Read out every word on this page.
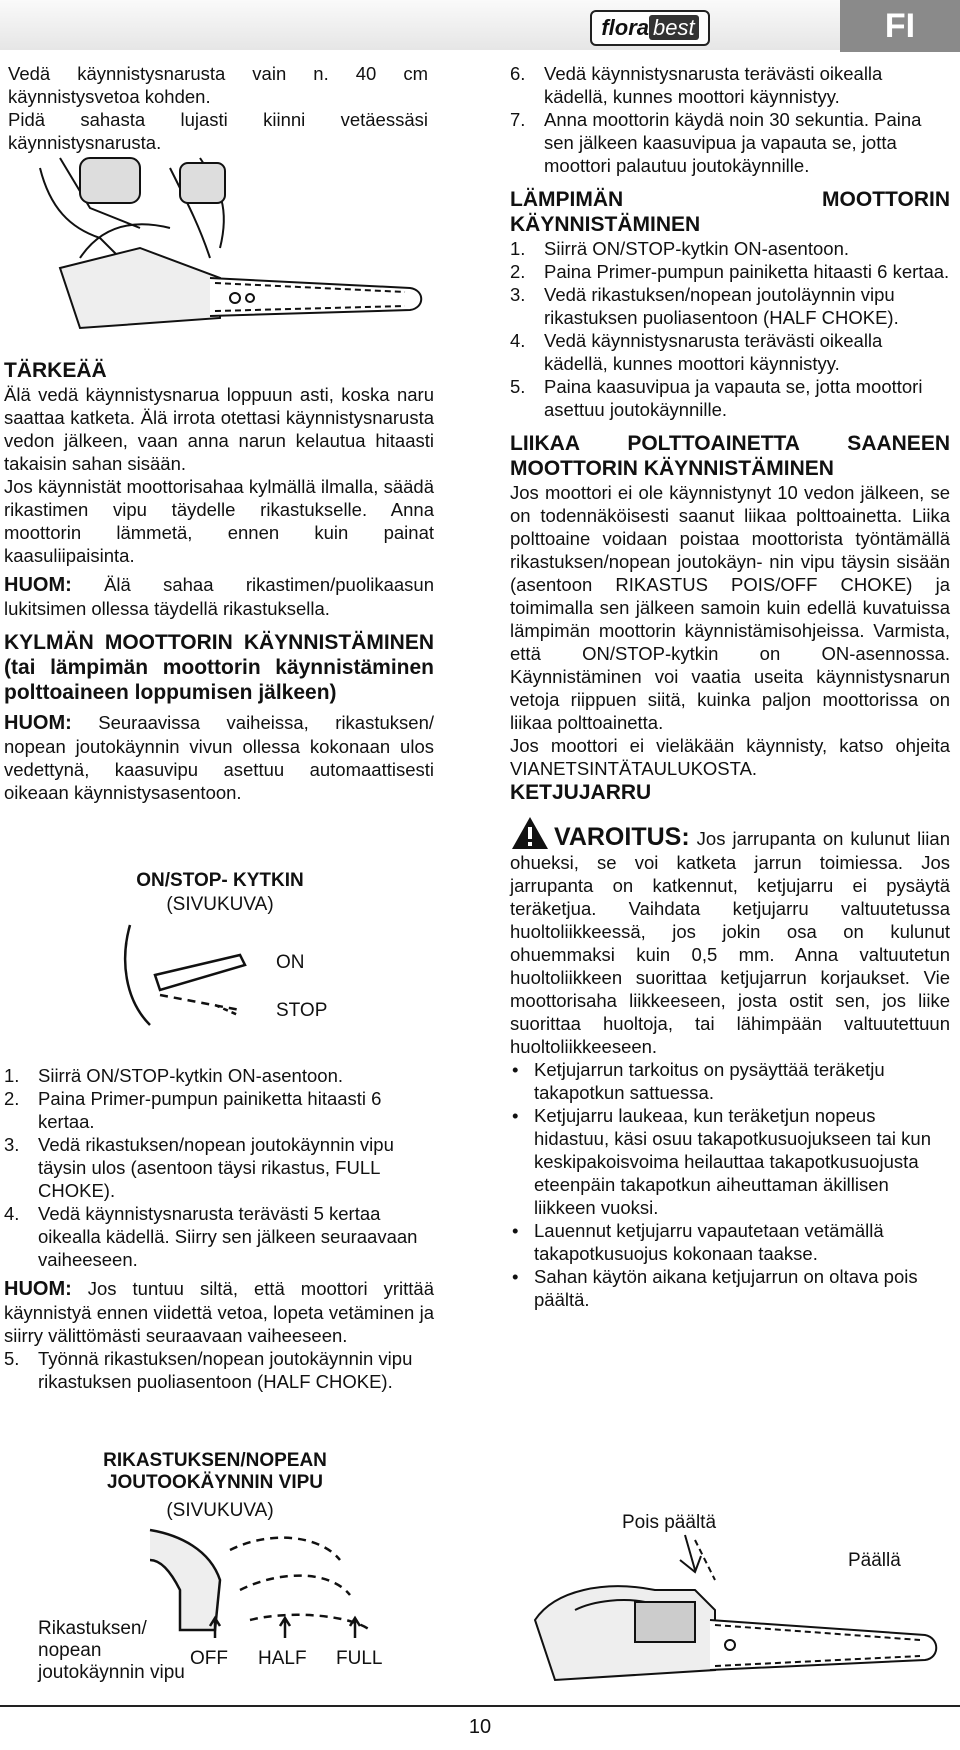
flora best	FI

Vedä käynnistysnarusta vain n. 40 cm käynnistysvetoa kohden.

Pidä sahasta lujasti kiinni vetäessäsi käynnistysnarusta.

TÄRKEÄÄ

Älä vedä käynnistysnarua loppuun asti, koska naru saattaa katketa. Älä irrota otettasi käynnistysnarusta vedon jälkeen, vaan anna narun kelautua hitaasti takaisin sahan sisään.

Jos käynnistät moottorisahaa kylmällä ilmalla, säädä rikastimen vipu täydelle rikastukselle. Anna moottorin lämmetä, ennen kuin painat kaasuliipaisinta.

HUOM: Älä sahaa rikastimen/puolikaasun lukitsimen ollessa täydellä rikastuksella.

KYLMÄN MOOTTORIN KÄYNNISTÄMINEN (tai lämpimän moottorin käynnistäminen polttoaineen loppumisen jälkeen)

HUOM: Seuraavissa vaiheissa, rikastuksen/ nopean joutokäynnin vivun ollessa kokonaan ulos vedettynä, kaasuvipu asettuu automaattisesti oikeaan käynnistysasentoon.

ON/STOP- KYTKIN
(SIVUKUVA)
ON
STOP
1.	Siirrä ON/STOP-kytkin ON-asentoon.
2.	Paina Primer-pumpun painiketta hitaasti 6 kertaa.
3.	Vedä rikastuksen/nopean joutokäynnin vipu täysin ulos (asentoon täysi rikastus, FULL CHOKE).
4.	Vedä käynnistysnarusta terävästi 5 kertaa oikealla kädellä. Siirry sen jälkeen seuraavaan vaiheeseen.

HUOM: Jos tuntuu siltä, että moottori yrittää käynnistyä ennen viidettä vetoa, lopeta vetäminen ja siirry välittömästi seuraavaan vaiheeseen.

5.	Työnnä rikastuksen/nopean joutokäynnin vipu rikastuksen puoliasentoon (HALF CHOKE).
RIKASTUKSEN/NOPEAN JOUTOOKÄYNNIN VIPU
(SIVUKUVA)
Rikastuksen/ nopean joutokäynnin vipu
OFF HALF FULL
6.	Vedä käynnistysnarusta terävästi oikealla kädellä, kunnes moottori käynnistyy.
7.	Anna moottorin käydä noin 30 sekuntia. Paina sen jälkeen kaasuvipua ja vapauta se, jotta moottori palautuu joutokäynnille.

LÄMPIMÄN MOOTTORIN KÄYNNISTÄMINEN

1.	Siirrä ON/STOP-kytkin ON-asentoon.
2.	Paina Primer-pumpun painiketta hitaasti 6 kertaa.
3.	Vedä rikastuksen/nopean joutoläynnin vipu rikastuksen puoliasentoon (HALF CHOKE).
4.	Vedä käynnistysnarusta terävästi oikealla kädellä, kunnes moottori käynnistyy.
5.	Paina kaasuvipua ja vapauta se, jotta moottori asettuu joutokäynnille.

LIIKAA POLTTOAINETTA SAANEEN MOOTTORIN KÄYNNISTÄMINEN

Jos moottori ei ole käynnistynyt 10 vedon jälkeen, se on todennäköisesti saanut liikaa polttoainetta. Liika polttoaine voidaan poistaa moottorista työntämällä rikastuksen/nopean joutokäyn- nin vipu täysin sisään (asentoon RIKASTUS POIS/OFF CHOKE) ja toimimalla sen jälkeen samoin kuin edellä kuvatuissa lämpimän moottorin käynnistämisohjeissa. Varmista, että ON/STOP-kytkin on ON-asennossa. Käynnistäminen voi vaatia useita käynnistysnarun vetoja riippuen siitä, kuinka paljon moottorissa on liikaa polttoainetta.

Jos moottori ei vieläkään käynnisty, katso ohjeita VIANETSINTÄTAULUKOSTA.

KETJUJARRU

VAROITUS: Jos jarrupanta on kulunut liian ohueksi, se voi katketa jarrun toimiessa. Jos jarrupanta on katkennut, ketjujarru ei pysäytä teräketjua. Vaihdata ketjujarru valtuutetussa huoltoliikkeessä, jos jokin osa on kulunut ohuemmaksi kuin 0,5 mm. Anna valtuutetun huoltoliikkeen suorittaa ketjujarrun korjaukset. Vie moottorisaha liikkeeseen, josta ostit sen, jos liike suorittaa huoltoja, tai lähimpään valtuutettuun huoltoliikkeeseen.

• Ketjujarrun tarkoitus on pysäyttää teräketju takapotkun sattuessa.
• Ketjujarru laukeaa, kun teräketjun nopeus hidastuu, käsi osuu takapotkusuojukseen tai kun keskipakoisvoima heilauttaa takapotkusuojusta eteenpäin takapotkun aiheuttaman äkillisen liikkeen vuoksi.
• Lauennut ketjujarru vapautetaan vetämällä takapotkusuojus kokonaan taakse.
• Sahan käytön aikana ketjujarrun on oltava pois päältä.
Pois päältä
Päällä
10
